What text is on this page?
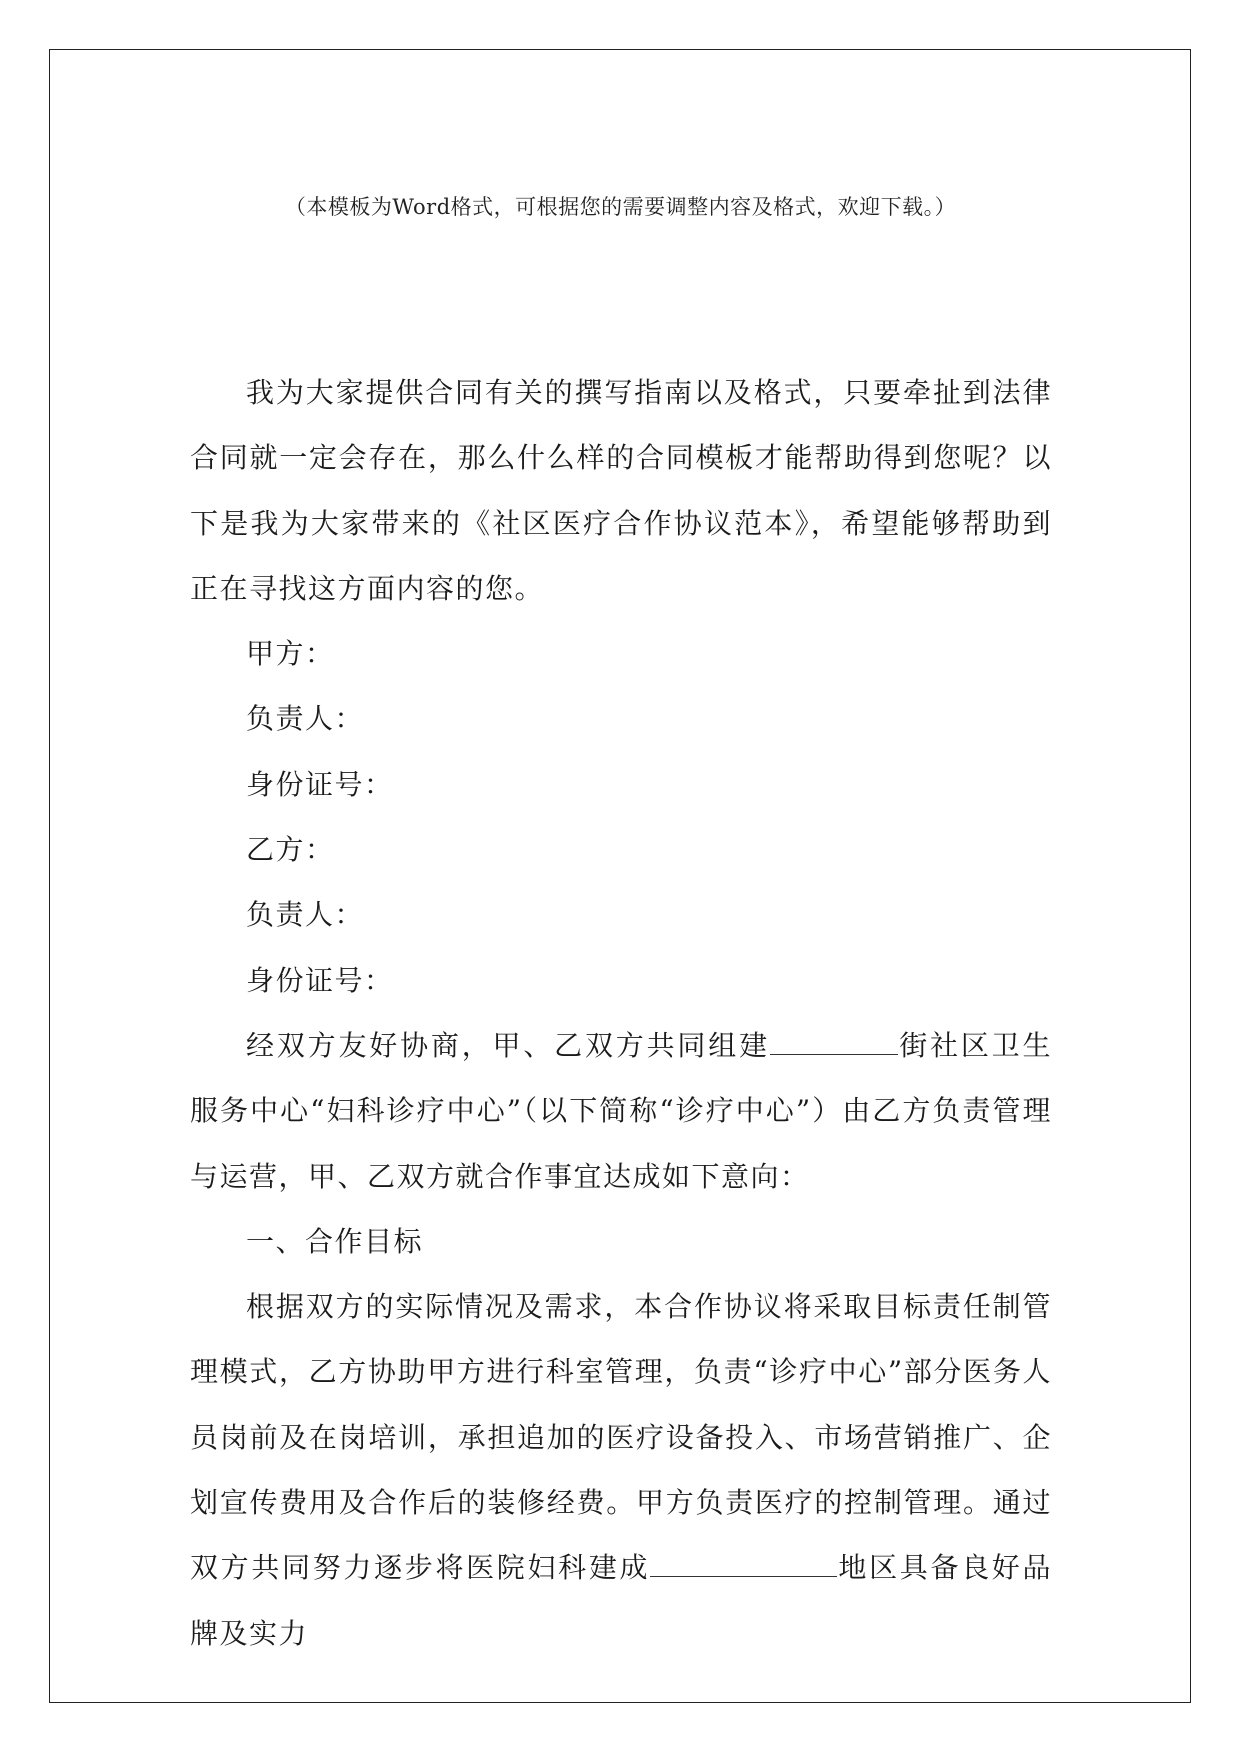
（本模板为Word格式，可根据您的需要调整内容及格式，欢迎下载。）

我为大家提供合同有关的撰写指南以及格式，只要牵扯到法律合同就一定会存在，那么什么样的合同模板才能帮助得到您呢？以下是我为大家带来的《社区医疗合作协议范本》，希望能够帮助到正在寻找这方面内容的您。

甲方：

负责人：

身份证号：

乙方：

负责人：

身份证号：

经双方友好协商，甲、乙双方共同组建	街社区卫生服务中心“妇科诊疗中心”（以下简称“诊疗中心”）由乙方负责管理与运营，甲、乙双方就合作事宜达成如下意向：

一、合作目标

根据双方的实际情况及需求，本合作协议将采取目标责任制管理模式，乙方协助甲方进行科室管理，负责“诊疗中心”部分医务人员岗前及在岗培训，承担追加的医疗设备投入、市场营销推广、企划宣传费用及合作后的装修经费。甲方负责医疗的控制管理。通过双方共同努力逐步将医院妇科建成	地区具备良好品牌及实力
